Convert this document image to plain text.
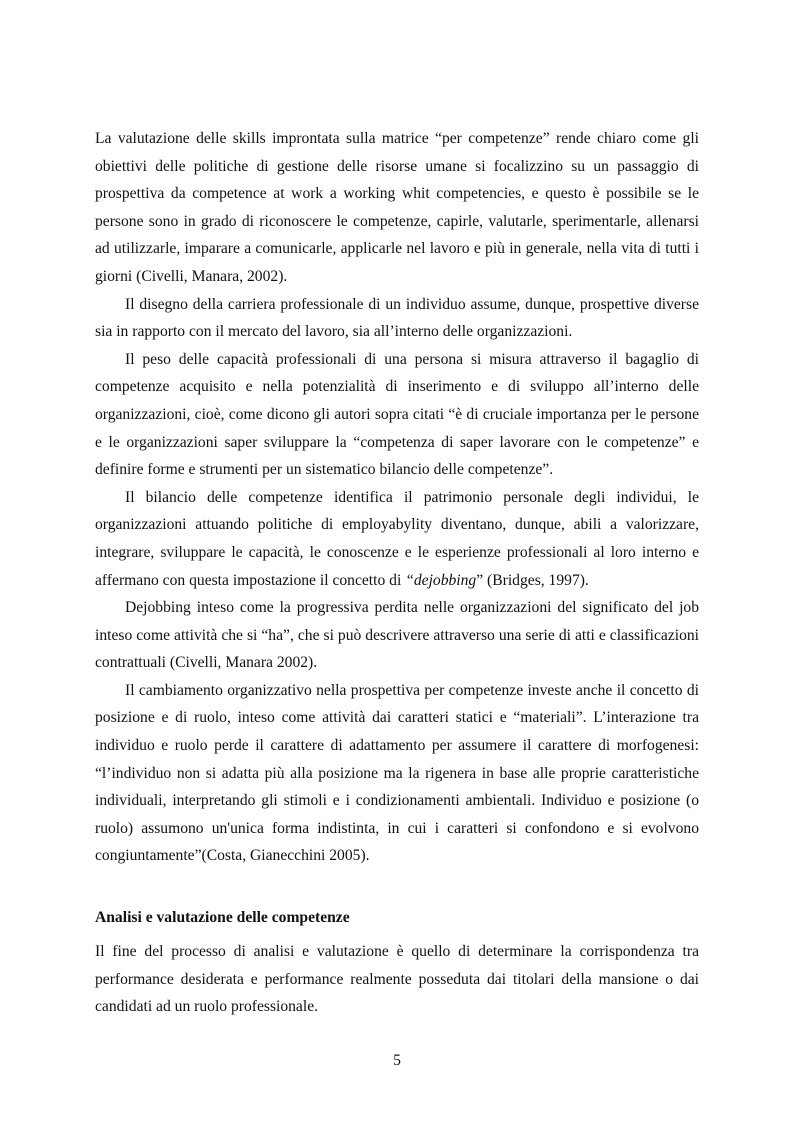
La valutazione delle skills improntata sulla matrice “per competenze” rende chiaro come gli obiettivi delle politiche di gestione delle risorse umane si focalizzino su un passaggio di prospettiva da competence at work a working whit competencies, e questo è possibile se le persone sono in grado di riconoscere le competenze, capirle, valutarle, sperimentarle, allenarsi ad utilizzarle, imparare a comunicarle, applicarle nel lavoro e più in generale, nella vita di tutti i giorni (Civelli, Manara, 2002).

Il disegno della carriera professionale di un individuo assume, dunque, prospettive diverse sia in rapporto con il mercato del lavoro, sia all’interno delle organizzazioni.

Il peso delle capacità professionali di una persona si misura attraverso il bagaglio di competenze acquisito e nella potenzialità di inserimento e di sviluppo all’interno delle organizzazioni, cioè, come dicono gli autori sopra citati “è di cruciale importanza per le persone e le organizzazioni saper sviluppare la “competenza di saper lavorare con le competenze” e definire forme e strumenti per un sistematico bilancio delle competenze”.

Il bilancio delle competenze identifica il patrimonio personale degli individui, le organizzazioni attuando politiche di employabylity diventano, dunque, abili a valorizzare, integrare, sviluppare le capacità, le conoscenze e le esperienze professionali al loro interno e affermano con questa impostazione il concetto di “dejobbing” (Bridges, 1997).

Dejobbing inteso come la progressiva perdita nelle organizzazioni del significato del job inteso come attività che si “ha”, che si può descrivere attraverso una serie di atti e classificazioni contrattuali (Civelli, Manara 2002).

Il cambiamento organizzativo nella prospettiva per competenze investe anche il concetto di posizione e di ruolo, inteso come attività dai caratteri statici e “materiali”. L’interazione tra individuo e ruolo perde il carattere di adattamento per assumere il carattere di morfogenesi: “l’individuo non si adatta più alla posizione ma la rigenera in base alle proprie caratteristiche individuali, interpretando gli stimoli e i condizionamenti ambientali. Individuo e posizione (o ruolo) assumono un'unica forma indistinta, in cui i caratteri si confondono e si evolvono congiuntamente”(Costa, Gianecchini 2005).

Analisi e valutazione delle competenze

Il fine del processo di analisi e valutazione è quello di determinare la corrispondenza tra performance desiderata e performance realmente posseduta dai titolari della mansione o dai candidati ad un ruolo professionale.

5
